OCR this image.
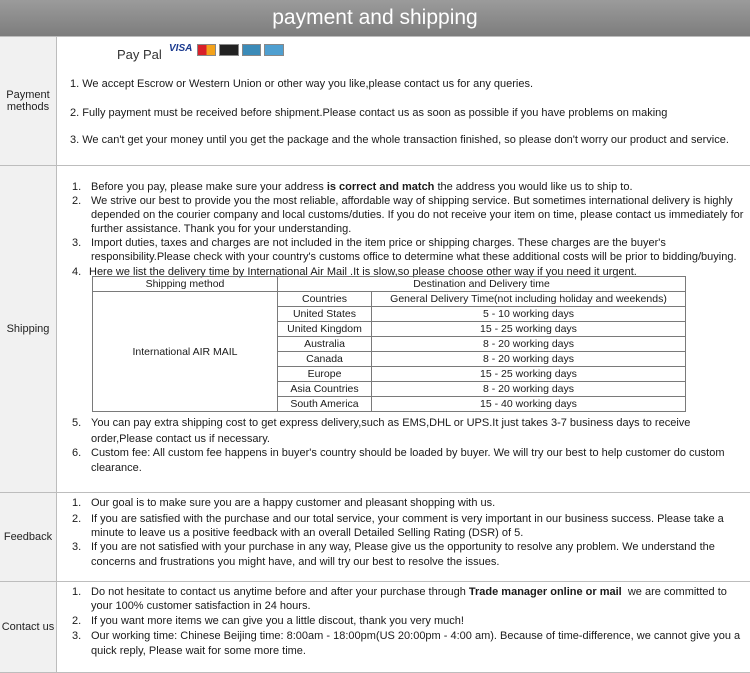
payment and shipping
Payment methods
Pay Pal VISA
1. We accept Escrow or Western Union or other way you like,please contact us for any queries.
2. Fully payment must be received before shipment.Please contact us as soon as possible if you have problems on making
3. We can't get your money until you get the package and the whole transaction finished, so please don't worry our product and service.
Shipping
1. Before you pay, please make sure your address is correct and match the address you would like us to ship to.
2. We strive our best to provide you the most reliable, affordable way of shipping service. But sometimes international delivery is highly
depended on the courier company and local customs/duties. If you do not receive your item on time, please contact us immediately for
further assistance. Thank you for your understanding.
3. Import duties, taxes and charges are not included in the item price or shipping charges. These charges are the buyer's
responsibility.Please check with your country's customs office to determine what these additional costs will be prior to bidding/buying.
4. Here we list the delivery time by International Air Mail .It is slow,so please choose other way if you need it urgent.
Shipping method	Destination and Delivery time	
International AIR MAIL	Countries	General Delivery Time(not including holiday and weekends)
	United States	5 - 10 working days
	United Kingdom	15 - 25 working days
	Australia	8 - 20 working days
	Canada	8 - 20 working days
	Europe	15 - 25 working days
	Asia Countries	8 - 20 working days
	South America	15 - 40 working days
5. You can pay extra shipping cost to get express delivery,such as EMS,DHL or UPS.It just takes 3-7 business days to receive
order,Please contact us if necessary.
6. Custom fee: All custom fee happens in buyer's country should be loaded by buyer. We will try our best to help customer do custom
clearance.
Feedback
1. Our goal is to make sure you are a happy customer and pleasant shopping with us.
2. If you are satisfied with the purchase and our total service, your comment is very important in our business success. Please take a
minute to leave us a positive feedback with an overall Detailed Selling Rating (DSR) of 5.
3. If you are not satisfied with your purchase in any way, Please give us the opportunity to resolve any problem. We understand the
concerns and frustrations you might have, and will try our best to resolve the issues.
Contact us
1. Do not hesitate to contact us anytime before and after your purchase through Trade manager online or mail  we are committed to
your 100% customer satisfaction in 24 hours.
2. If you want more items we can give you a little discout, thank you very much!
3. Our working time: Chinese Beijing time: 8:00am - 18:00pm(US 20:00pm - 4:00 am). Because of time-difference, we cannot give you a
quick reply, Please wait for some more time.
